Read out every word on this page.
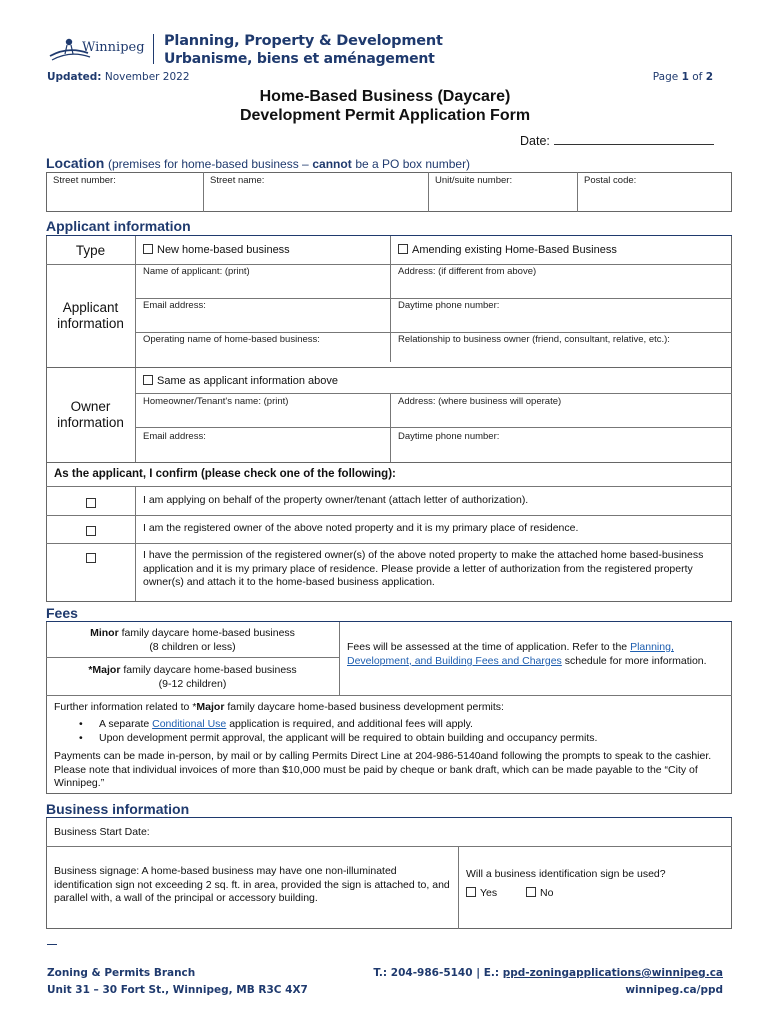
Winnipeg Planning, Property & Development
Urbanisme, biens et aménagement
Updated: November 2022	Page 1 of 2
Home-Based Business (Daycare)
Development Permit Application Form
Date:
Location (premises for home-based business – cannot be a PO box number)
Street number:	Street name:	Unit/suite number:	Postal code:
Applicant information
Type	New home-based business	Amending existing Home-Based Business
Applicant information
Name of applicant: (print)	Address: (if different from above)
Email address:	Daytime phone number:
Operating name of home-based business:	Relationship to business owner (friend, consultant, relative, etc.):
Owner information
Same as applicant information above
Homeowner/Tenant's name: (print)	Address: (where business will operate)
Email address:	Daytime phone number:
As the applicant, I confirm (please check one of the following):
I am applying on behalf of the property owner/tenant (attach letter of authorization).
I am the registered owner of the above noted property and it is my primary place of residence.
I have the permission of the registered owner(s) of the above noted property to make the attached home based-business application and it is my primary place of residence. Please provide a letter of authorization from the registered property owner(s) and attach it to the home-based business application.
Fees
Minor family daycare home-based business
(8 children or less)
*Major family daycare home-based business
(9-12 children)
Fees will be assessed at the time of application. Refer to the Planning, Development, and Building Fees and Charges schedule for more information.
Further information related to *Major family daycare home-based business development permits:
• A separate Conditional Use application is required, and additional fees will apply.
• Upon development permit approval, the applicant will be required to obtain building and occupancy permits.
Payments can be made in-person, by mail or by calling Permits Direct Line at 204-986-5140and following the prompts to speak to the cashier. Please note that individual invoices of more than $10,000 must be paid by cheque or bank draft, which can be made payable to the “City of Winnipeg.”
Business information
Business Start Date:
Business signage: A home-based business may have one non-illuminated identification sign not exceeding 2 sq. ft. in area, provided the sign is attached to, and parallel with, a wall of the principal or accessory building.
Will a business identification sign be used?
Yes	No
Zoning & Permits Branch
Unit 31 – 30 Fort St., Winnipeg, MB R3C 4X7
T.: 204-986-5140 | E.: ppd-zoningapplications@winnipeg.ca
winnipeg.ca/ppd
